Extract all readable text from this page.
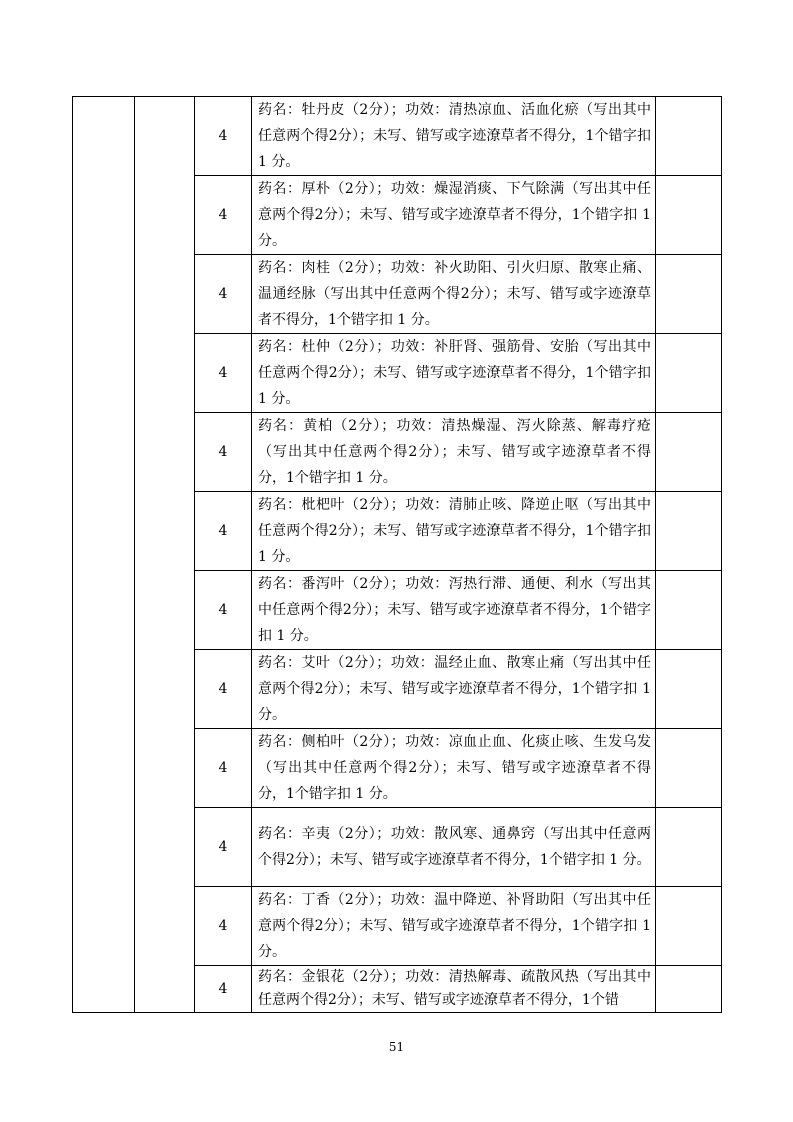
		4	药名：牡丹皮（2分）；功效：清热凉血、活血化瘀（写出其中任意两个得2分）；未写、错写或字迹潦草者不得分，1个错字扣 1 分。	
		4	药名：厚朴（2分）；功效：燥湿消痰、下气除满（写出其中任意两个得2分）；未写、错写或字迹潦草者不得分，1个错字扣 1 分。	
		4	药名：肉桂（2分）；功效：补火助阳、引火归原、散寒止痛、温通经脉（写出其中任意两个得2分）；未写、错写或字迹潦草者不得分，1个错字扣 1 分。	
		4	药名：杜仲（2分）；功效：补肝肾、强筋骨、安胎（写出其中任意两个得2分）；未写、错写或字迹潦草者不得分，1个错字扣 1 分。	
		4	药名：黄柏（2分）；功效：清热燥湿、泻火除蒸、解毒疗疮（写出其中任意两个得2分）；未写、错写或字迹潦草者不得分，1个错字扣 1 分。	
		4	药名：枇杷叶（2分）；功效：清肺止咳、降逆止呕（写出其中任意两个得2分）；未写、错写或字迹潦草者不得分，1个错字扣 1 分。	
		4	药名：番泻叶（2分）；功效：泻热行滞、通便、利水（写出其中任意两个得2分）；未写、错写或字迹潦草者不得分，1个错字扣 1 分。	
		4	药名：艾叶（2分）；功效：温经止血、散寒止痛（写出其中任意两个得2分）；未写、错写或字迹潦草者不得分，1个错字扣 1 分。	
		4	药名：侧柏叶（2分）；功效：凉血止血、化痰止咳、生发乌发（写出其中任意两个得2分）；未写、错写或字迹潦草者不得分，1个错字扣 1 分。	
		4	药名：辛夷（2分）；功效：散风寒、通鼻窍（写出其中任意两个得2分）；未写、错写或字迹潦草者不得分，1个错字扣 1 分。	
		4	药名：丁香（2分）；功效：温中降逆、补肾助阳（写出其中任意两个得2分）；未写、错写或字迹潦草者不得分，1个错字扣 1 分。	
		4	药名：金银花（2分）；功效：清热解毒、疏散风热（写出其中任意两个得2分）；未写、错写或字迹潦草者不得分，1个错	
51
